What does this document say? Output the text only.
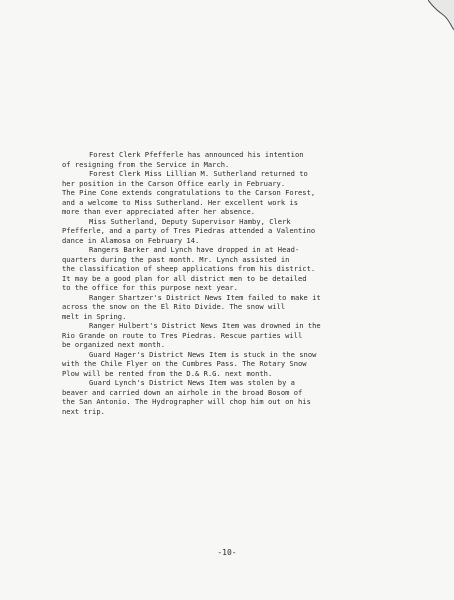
Forest Clerk Pfefferle has announced his intention
of resigning from the Service in March.

Forest Clerk Miss Lillian M. Sutherland returned to
her position in the Carson Office early in February.
The Pine Cone extends congratulations to the Carson Forest,
and a welcome to Miss Sutherland. Her excellent work is
more than ever appreciated after her absence.

Miss Sutherland, Deputy Supervisor Hamby, Clerk
Pfefferle, and a party of Tres Piedras attended a Valentino
dance in Alamosa on February 14.

Rangers Barker and Lynch have dropped in at Head-
quarters during the past month. Mr. Lynch assisted in
the classification of sheep applications from his district.
It may be a good plan for all district men to be detailed
to the office for this purpose next year.

Ranger Shartzer's District News Item failed to make it
across the snow on the El Rito Divide. The snow will
melt in Spring.

Ranger Hulbert's District News Item was drowned in the
Rio Grande on route to Tres Piedras. Rescue parties will
be organized next month.

Guard Hager's District News Item is stuck in the snow
with the Chile Flyer on the Cumbres Pass. The Rotary Snow
Plow will be rented from the D.& R.G. next month.

Guard Lynch's District News Item was stolen by a
beaver and carried down an airhole in the broad Bosom of
the San Antonio. The Hydrographer will chop him out on his
next trip.

-10-
